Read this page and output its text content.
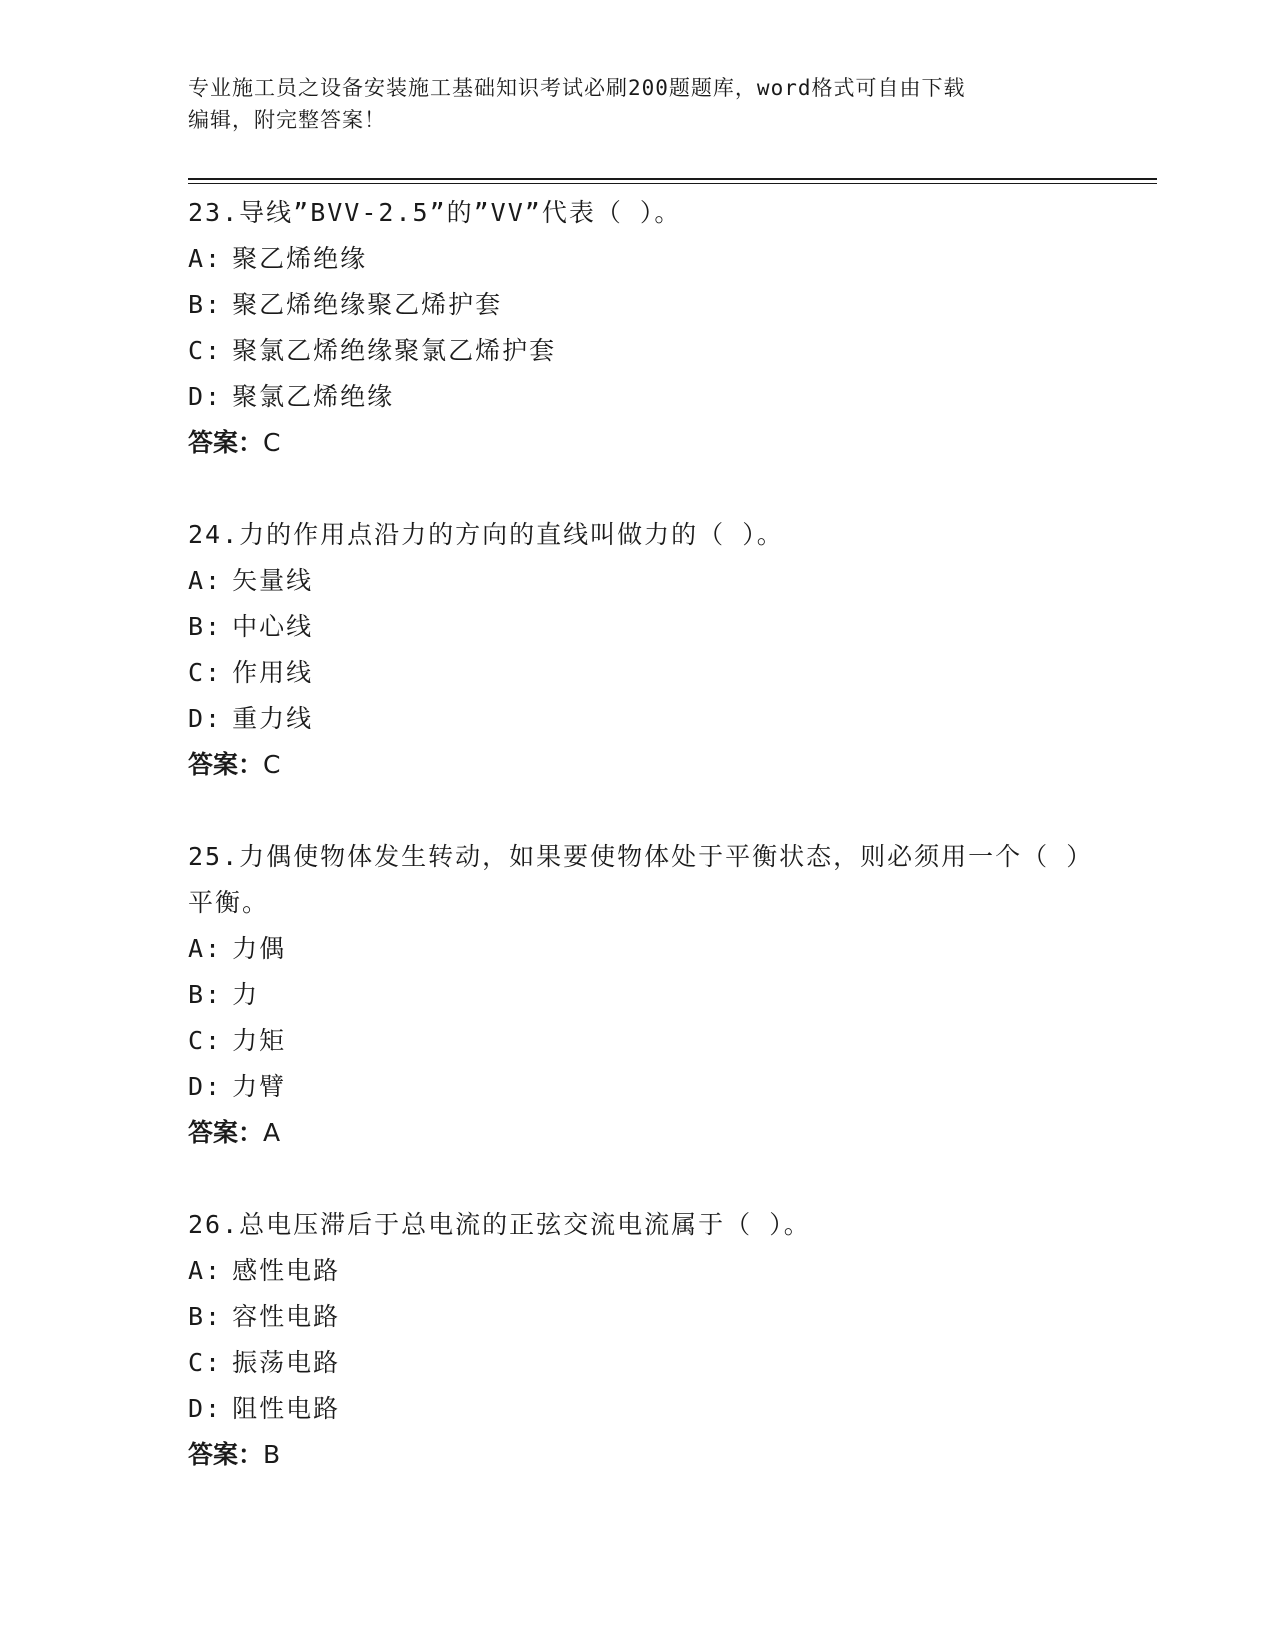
专业施工员之设备安装施工基础知识考试必刷200题题库，word格式可自由下载
编辑，附完整答案！
23.导线”BVV-2.5”的”VV”代表（ ）。
A: 聚乙烯绝缘
B: 聚乙烯绝缘聚乙烯护套
C: 聚氯乙烯绝缘聚氯乙烯护套
D: 聚氯乙烯绝缘
答案：C
24.力的作用点沿力的方向的直线叫做力的（ ）。
A: 矢量线
B: 中心线
C: 作用线
D: 重力线
答案：C
25.力偶使物体发生转动，如果要使物体处于平衡状态，则必须用一个（ ）平衡。
A: 力偶
B: 力
C: 力矩
D: 力臂
答案：A
26.总电压滞后于总电流的正弦交流电流属于（ ）。
A: 感性电路
B: 容性电路
C: 振荡电路
D: 阻性电路
答案：B
